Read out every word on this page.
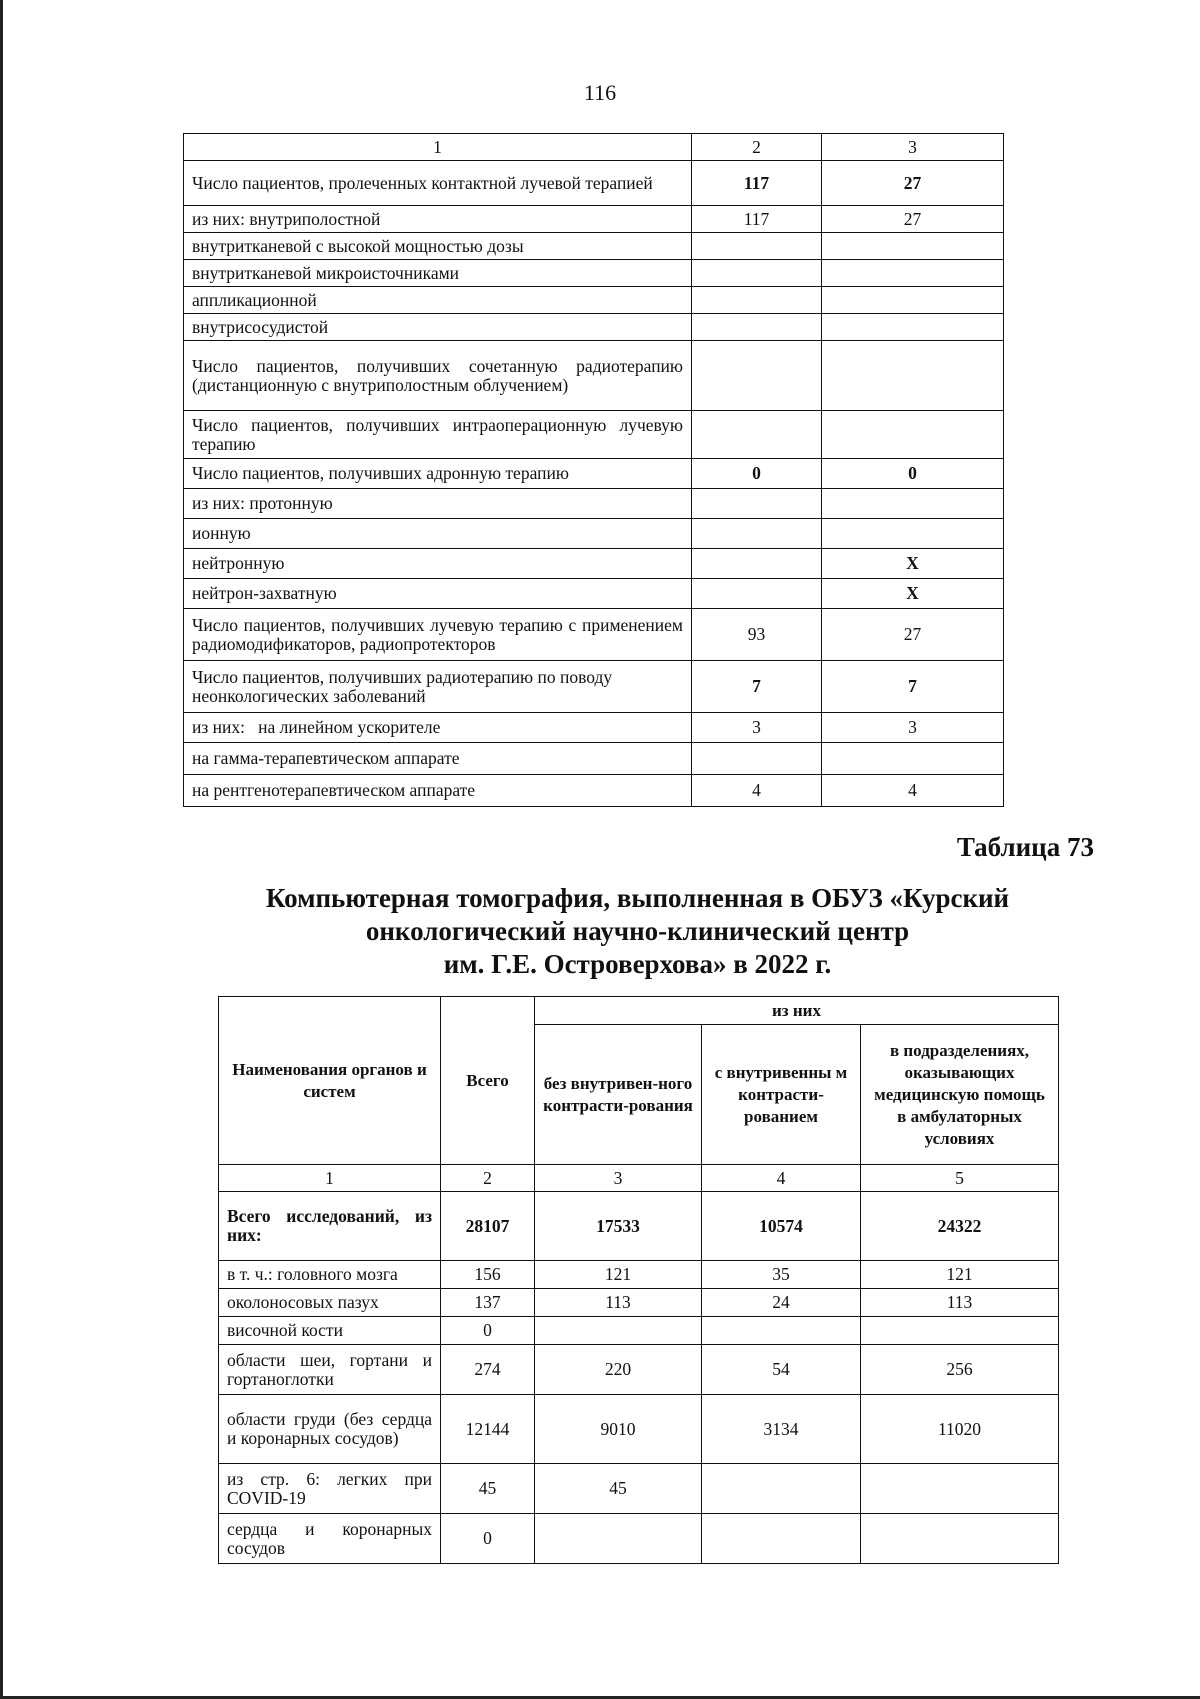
116
1	2	3
Число пациентов, пролеченных контактной лучевой терапией	117	27
из них: внутриполостной	117	27
внутритканевой с высокой мощностью дозы		
внутритканевой микроисточниками		
аппликационной		
внутрисосудистой		
Число пациентов, получивших сочетанную радиотерапию (дистанционную с внутриполостным облучением)		
Число пациентов, получивших интраоперационную лучевую терапию		
Число пациентов, получивших адронную терапию	0	0
из них: протонную		
ионную		
нейтронную		X
нейтрон-захватную		X
Число пациентов, получивших лучевую терапию с применением радиомодификаторов, радиопротекторов	93	27
Число пациентов, получивших радиотерапию по поводу неонкологических заболеваний	7	7
из них:   на линейном ускорителе	3	3
на гамма-терапевтическом аппарате		
на рентгенотерапевтическом аппарате	4	4
Таблица 73
Компьютерная томография, выполненная в ОБУЗ «Курский
онкологический научно-клинический центр
им. Г.Е. Островерхова» в 2022 г.
Наименования органов и систем	Всего	из них		
		без внутривен-ного контрасти-рования	с внутривенны м контрасти-рованием	в подразделениях, оказывающих медицинскую помощь в амбулаторных условиях
1	2	3	4	5
Всего исследований, из них:	28107	17533	10574	24322
в т. ч.: головного мозга	156	121	35	121
околоносовых пазух	137	113	24	113
височной кости	0			
области шеи, гортани и гортаноглотки	274	220	54	256
области груди (без сердца и коронарных сосудов)	12144	9010	3134	11020
из стр. 6: легких при COVID-19	45	45		
сердца и коронарных сосудов	0			
